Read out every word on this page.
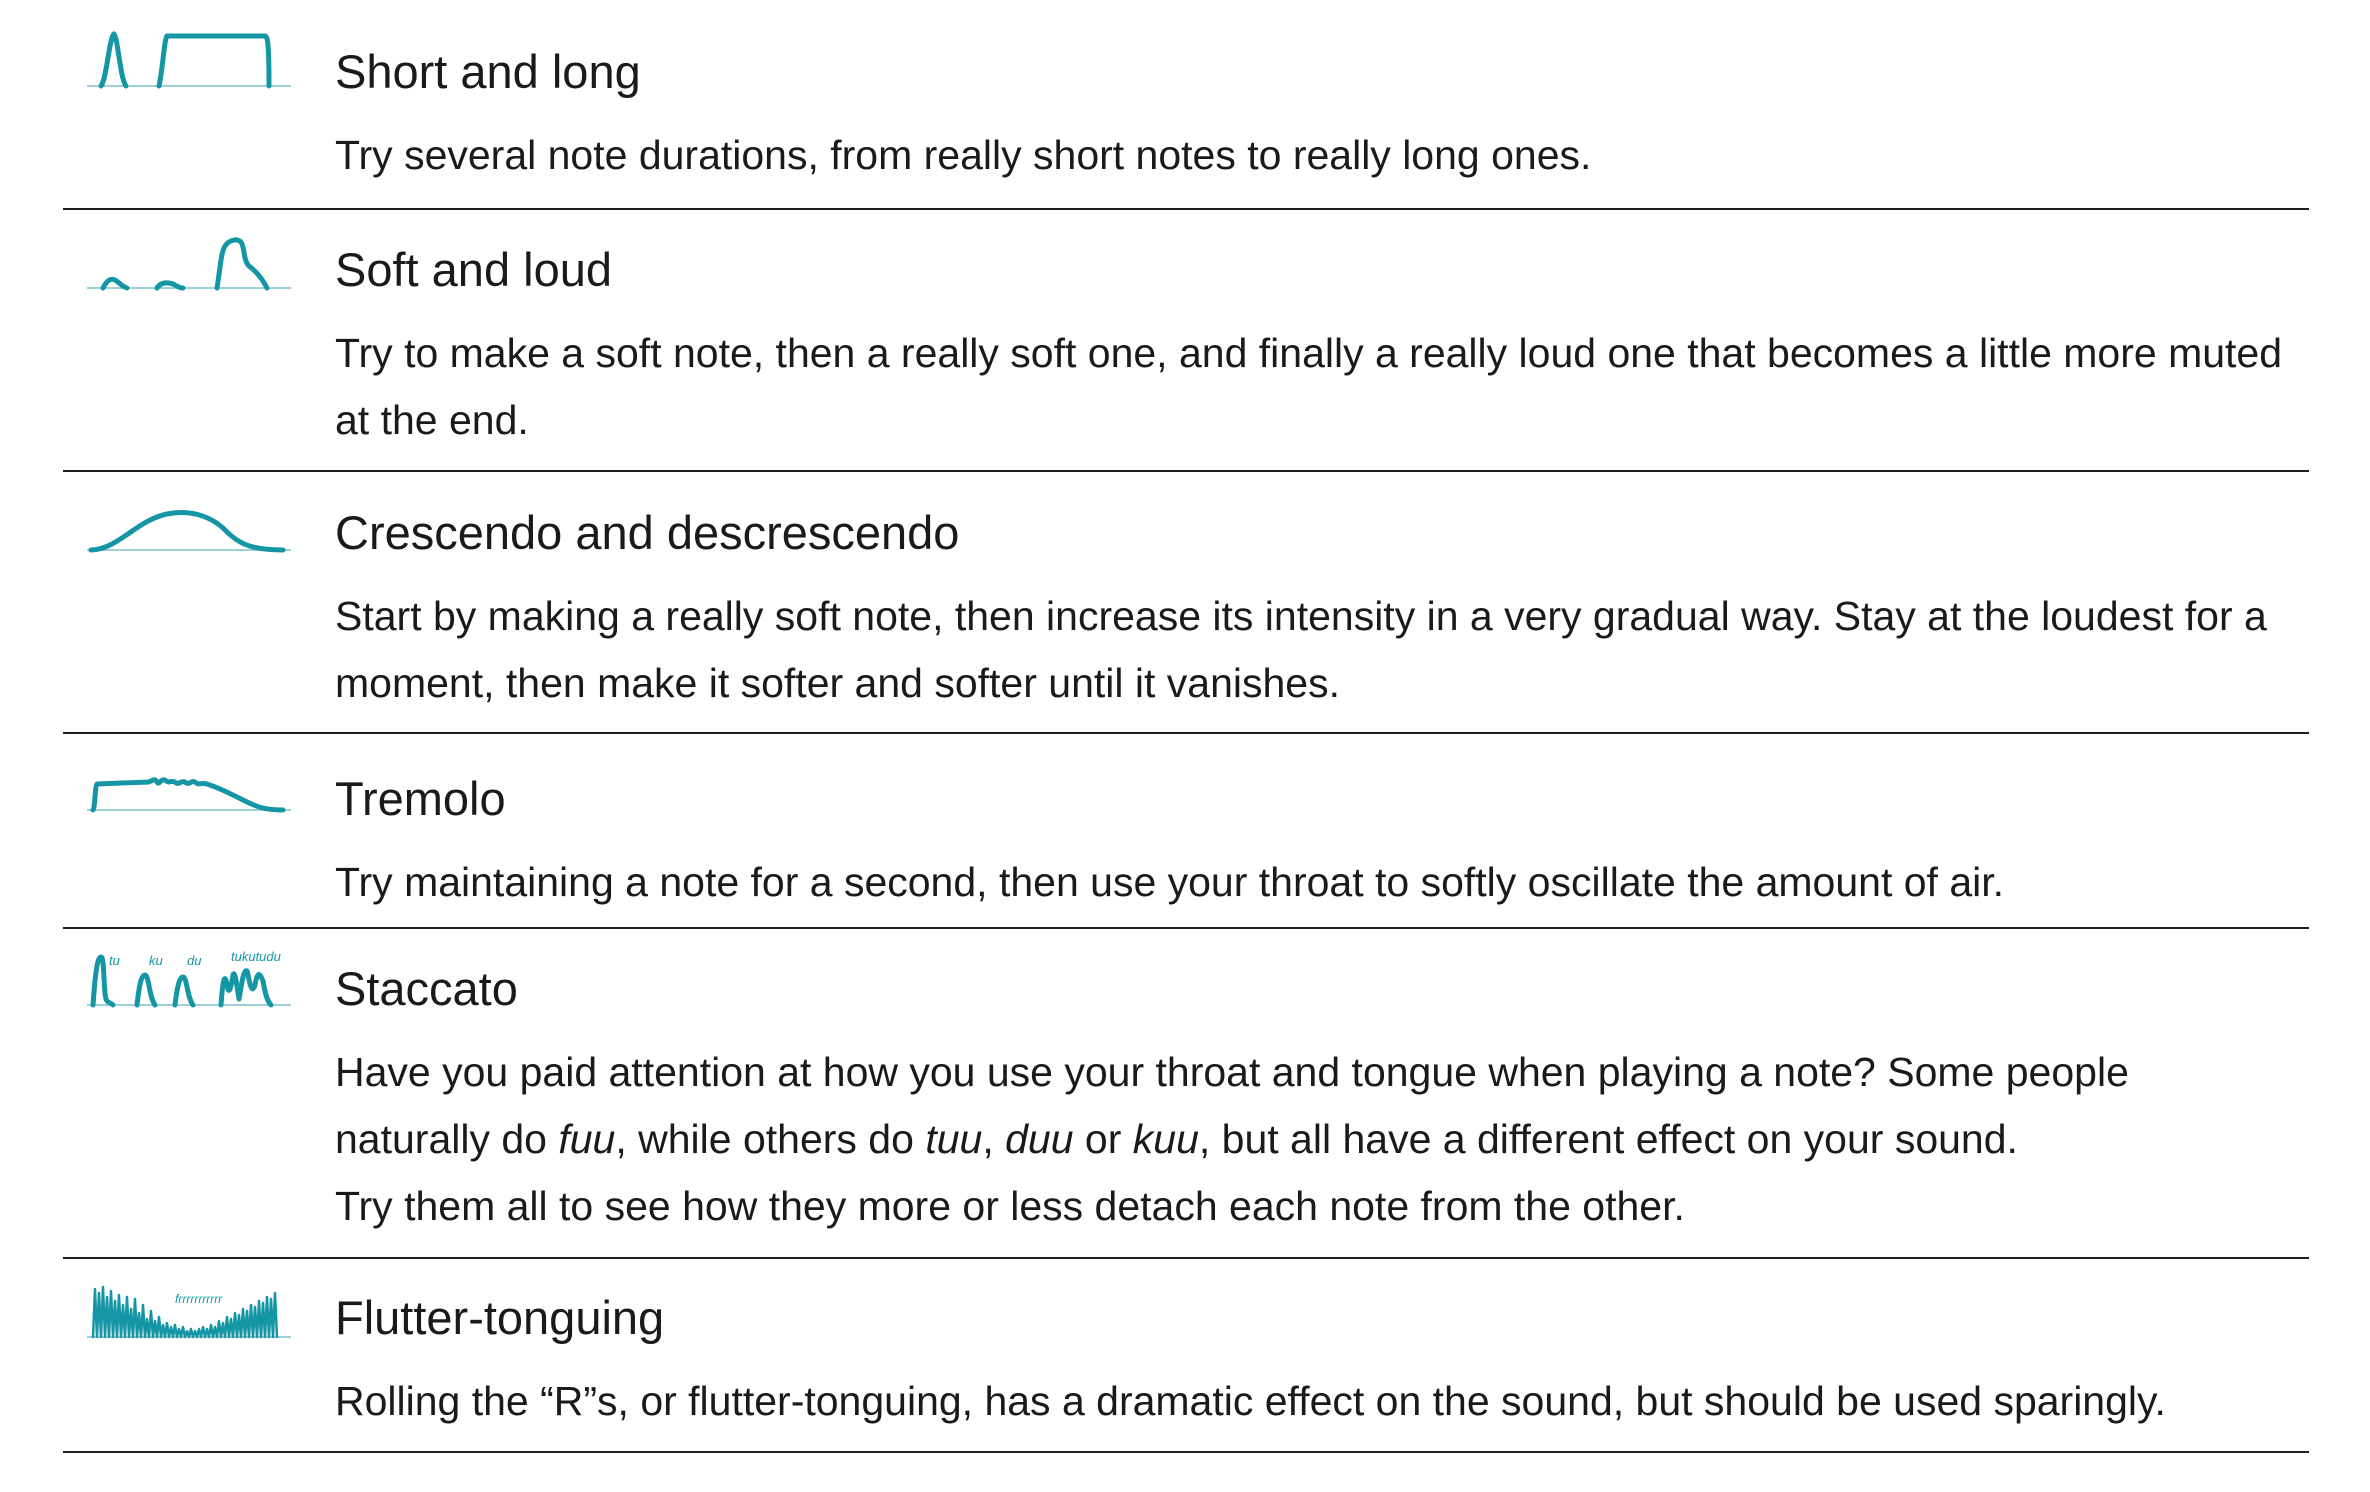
Short and long

Try several note durations, from really short notes to really long ones.

Soft and loud

Try to make a soft note, then a really soft one, and finally a really loud one that becomes a little more muted at the end.

Crescendo and descrescendo

Start by making a really soft note, then increase its intensity in a very gradual way. Stay at the loudest for a moment, then make it softer and softer until it vanishes.

Tremolo

Try maintaining a note for a second, then use your throat to softly oscillate the amount of air.

tu ku du tukutudu
Staccato

Have you paid attention at how you use your throat and tongue when playing a note? Some people naturally do fuu, while others do tuu, duu or kuu, but all have a different effect on your sound.

Try them all to see how they more or less detach each note from the other.

frrrrrrrrrrr Flutter-tonguing

Rolling the “R”s, or flutter-tonguing, has a dramatic effect on the sound, but should be used sparingly.
